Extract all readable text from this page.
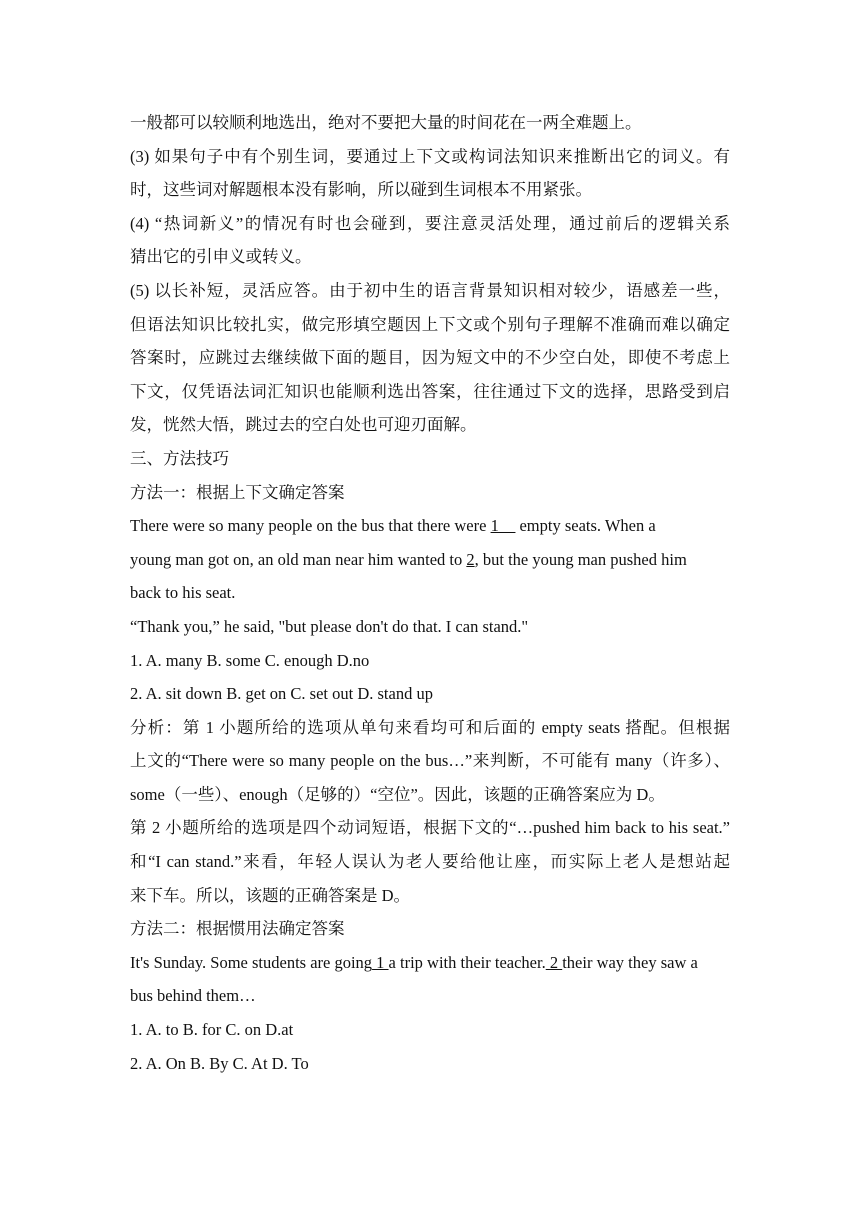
一般都可以较顺利地选出，绝对不要把大量的时间花在一两全难题上。
(3) 如果句子中有个别生词，要通过上下文或构词法知识来推断出它的词义。有
时，这些词对解题根本没有影响，所以碰到生词根本不用紧张。
(4) “热词新义”的情况有时也会碰到，要注意灵活处理，通过前后的逻辑关系
猜出它的引申义或转义。
(5) 以长补短，灵活应答。由于初中生的语言背景知识相对较少，语感差一些，
但语法知识比较扎实，做完形填空题因上下文或个别句子理解不准确而难以确定
答案时，应跳过去继续做下面的题目，因为短文中的不少空白处，即使不考虑上
下文，仅凭语法词汇知识也能顺利选出答案，往往通过下文的选择，思路受到启
发，恍然大悟，跳过去的空白处也可迎刃面解。
三、方法技巧
方法一：根据上下文确定答案
There were so many people on the bus that there were 1__ empty seats. When a
young man got on, an old man near him wanted to 2, but the young man pushed him
back to his seat.
“Thank you,” he said, "but please don't do that. I can stand."
1. A. many B. some C. enough D.no
2. A. sit down B. get on C. set out D. stand up
分析：第 1 小题所给的选项从单句来看均可和后面的 empty seats 搭配。但根据
上文的“There were so many people on the bus…”来判断，不可能有 many（许多）、
some（一些）、enough（足够的）“空位”。因此，该题的正确答案应为 D。
第 2 小题所给的选项是四个动词短语，根据下文的“…pushed him back to his seat.”
和“I can stand.”来看，年轻人误认为老人要给他让座，而实际上老人是想站起
来下车。所以，该题的正确答案是 D。
方法二：根据惯用法确定答案
It's Sunday. Some students are going 1 a trip with their teacher. 2 their way they saw a
bus behind them…
1. A. to B. for C. on D.at
2. A. On B. By C. At D. To
